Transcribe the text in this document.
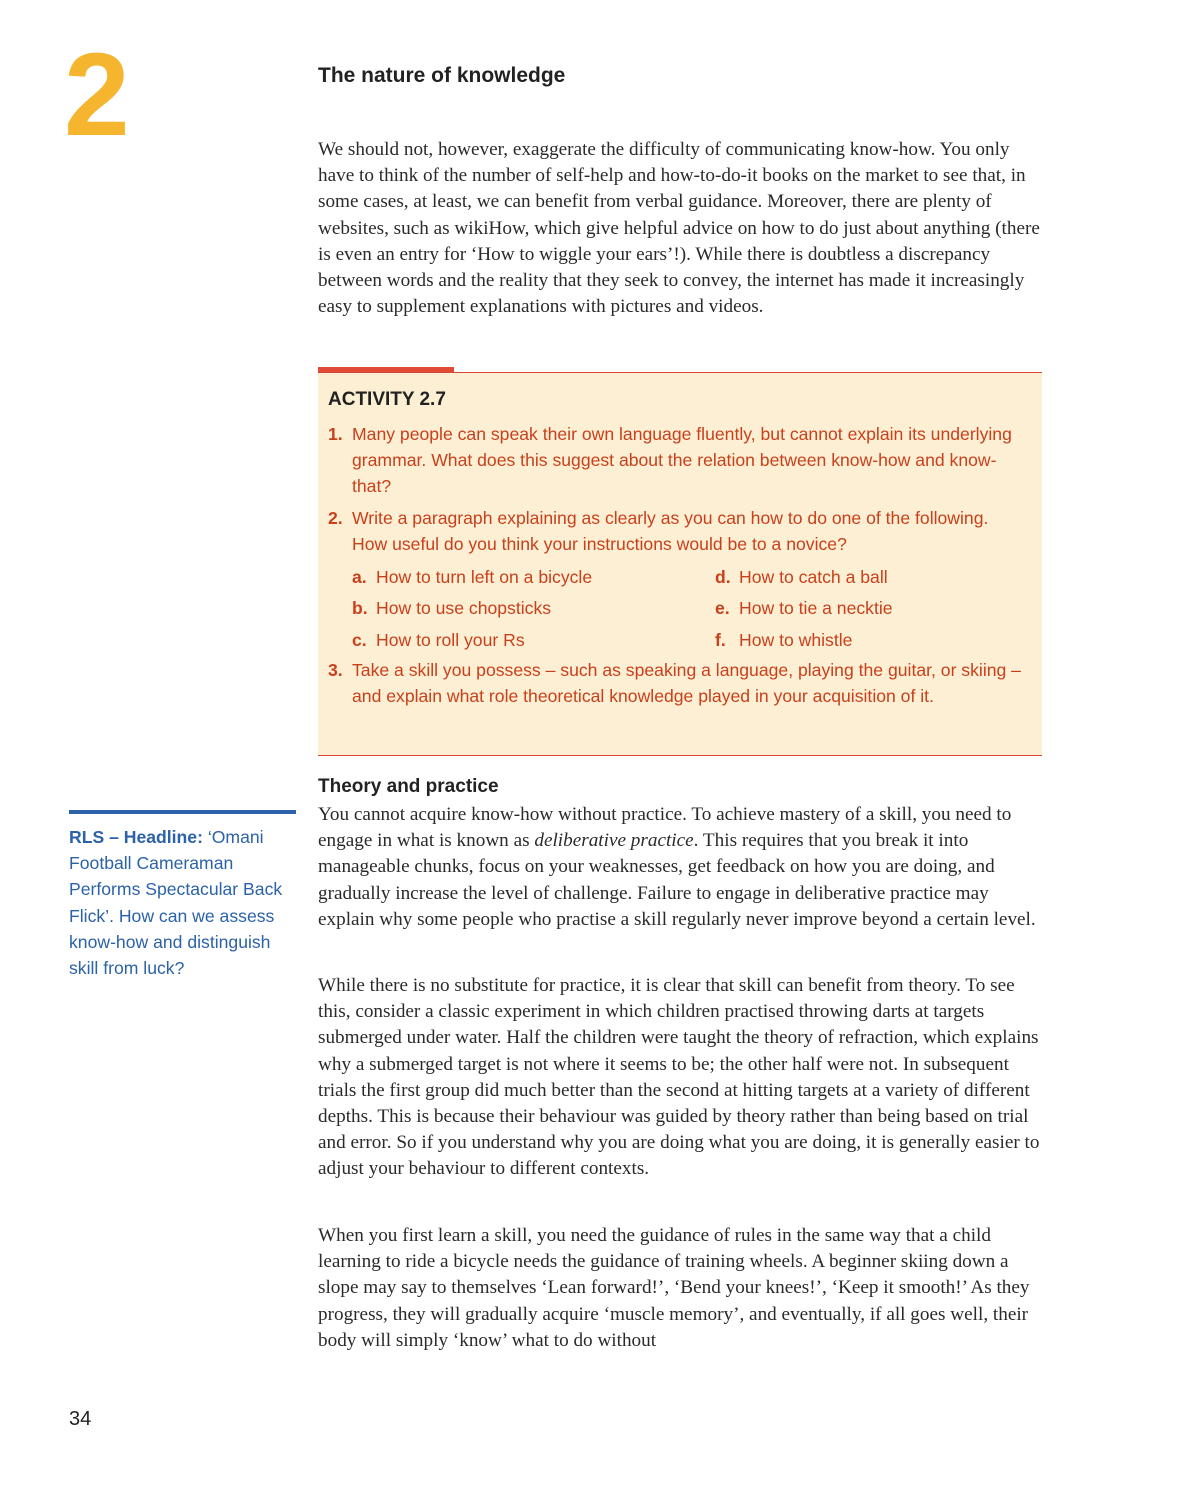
2	The nature of knowledge

We should not, however, exaggerate the difficulty of communicating know-how. You only have to think of the number of self-help and how-to-do-it books on the market to see that, in some cases, at least, we can benefit from verbal guidance. Moreover, there are plenty of websites, such as wikiHow, which give helpful advice on how to do just about anything (there is even an entry for ‘How to wiggle your ears’!). While there is doubtless a discrepancy between words and the reality that they seek to convey, the internet has made it increasingly easy to supplement explanations with pictures and videos.

ACTIVITY 2.7
1. Many people can speak their own language fluently, but cannot explain its underlying grammar. What does this suggest about the relation between know-how and know-that?
2. Write a paragraph explaining as clearly as you can how to do one of the following. How useful do you think your instructions would be to a novice?
a. How to turn left on a bicycle
b. How to use chopsticks
c. How to roll your Rs
d. How to catch a ball
e. How to tie a necktie
f. How to whistle
3. Take a skill you possess – such as speaking a language, playing the guitar, or skiing – and explain what role theoretical knowledge played in your acquisition of it.
Theory and practice

You cannot acquire know-how without practice. To achieve mastery of a skill, you need to engage in what is known as deliberative practice. This requires that you break it into manageable chunks, focus on your weaknesses, get feedback on how you are doing, and gradually increase the level of challenge. Failure to engage in deliberative practice may explain why some people who practise a skill regularly never improve beyond a certain level.

While there is no substitute for practice, it is clear that skill can benefit from theory. To see this, consider a classic experiment in which children practised throwing darts at targets submerged under water. Half the children were taught the theory of refraction, which explains why a submerged target is not where it seems to be; the other half were not. In subsequent trials the first group did much better than the second at hitting targets at a variety of different depths. This is because their behaviour was guided by theory rather than being based on trial and error. So if you understand why you are doing what you are doing, it is generally easier to adjust your behaviour to different contexts.

When you first learn a skill, you need the guidance of rules in the same way that a child learning to ride a bicycle needs the guidance of training wheels. A beginner skiing down a slope may say to themselves ‘Lean forward!’, ‘Bend your knees!’, ‘Keep it smooth!’ As they progress, they will gradually acquire ‘muscle memory’, and eventually, if all goes well, their body will simply ‘know’ what to do without

RLS – Headline: ‘Omani Football Cameraman Performs Spectacular Back Flick’. How can we assess know-how and distinguish skill from luck?

34
